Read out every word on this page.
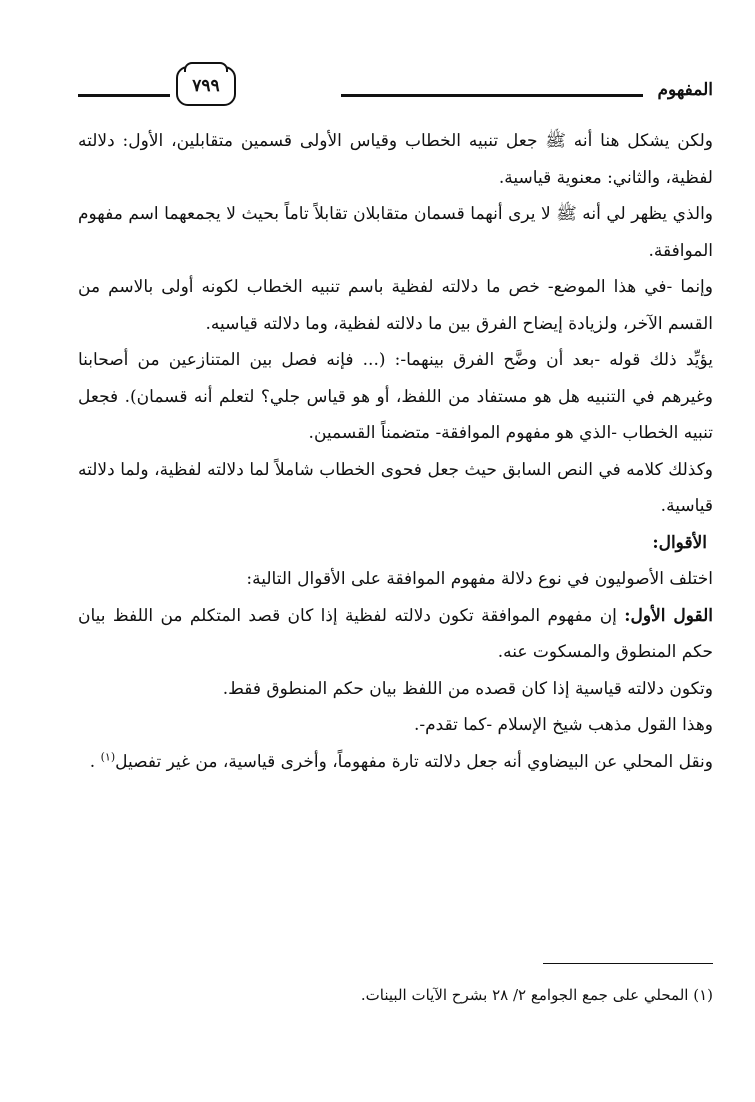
المفهوم
٧٩٩

ولكن يشكل هنا أنه ﷺ جعل تنبيه الخطاب وقياس الأولى قسمين متقابلين، الأول: دلالته لفظية، والثاني: معنوية قياسية.

والذي يظهر لي أنه ﷺ لا يرى أنهما قسمان متقابلان تقابلاً تاماً بحيث لا يجمعهما اسم مفهوم الموافقة.

وإنما -في هذا الموضع- خص ما دلالته لفظية باسم تنبيه الخطاب لكونه أولى بالاسم من القسم الآخر، ولزيادة إيضاح الفرق بين ما دلالته لفظية، وما دلالته قياسيه.

يؤيِّد ذلك قوله -بعد أن وضَّح الفرق بينهما-: (... فإنه فصل بين المتنازعين من أصحابنا وغيرهم في التنبيه هل هو مستفاد من اللفظ، أو هو قياس جلي؟ لتعلم أنه قسمان). فجعل تنبيه الخطاب -الذي هو مفهوم الموافقة- متضمناً القسمين.

وكذلك كلامه في النص السابق حيث جعل فحوى الخطاب شاملاً لما دلالته لفظية، ولما دلالته قياسية.

الأقوال:

اختلف الأصوليون في نوع دلالة مفهوم الموافقة على الأقوال التالية:

القول الأول: إن مفهوم الموافقة تكون دلالته لفظية إذا كان قصد المتكلم من اللفظ بيان حكم المنطوق والمسكوت عنه.

وتكون دلالته قياسية إذا كان قصده من اللفظ بيان حكم المنطوق فقط.

وهذا القول مذهب شيخ الإسلام -كما تقدم-.

ونقل المحلي عن البيضاوي أنه جعل دلالته تارة مفهوماً، وأخرى قياسية، من غير تفصيل$^{(١)}$ .

(١) المحلي على جمع الجوامع ٢/ ٢٨ بشرح الآيات البينات.
